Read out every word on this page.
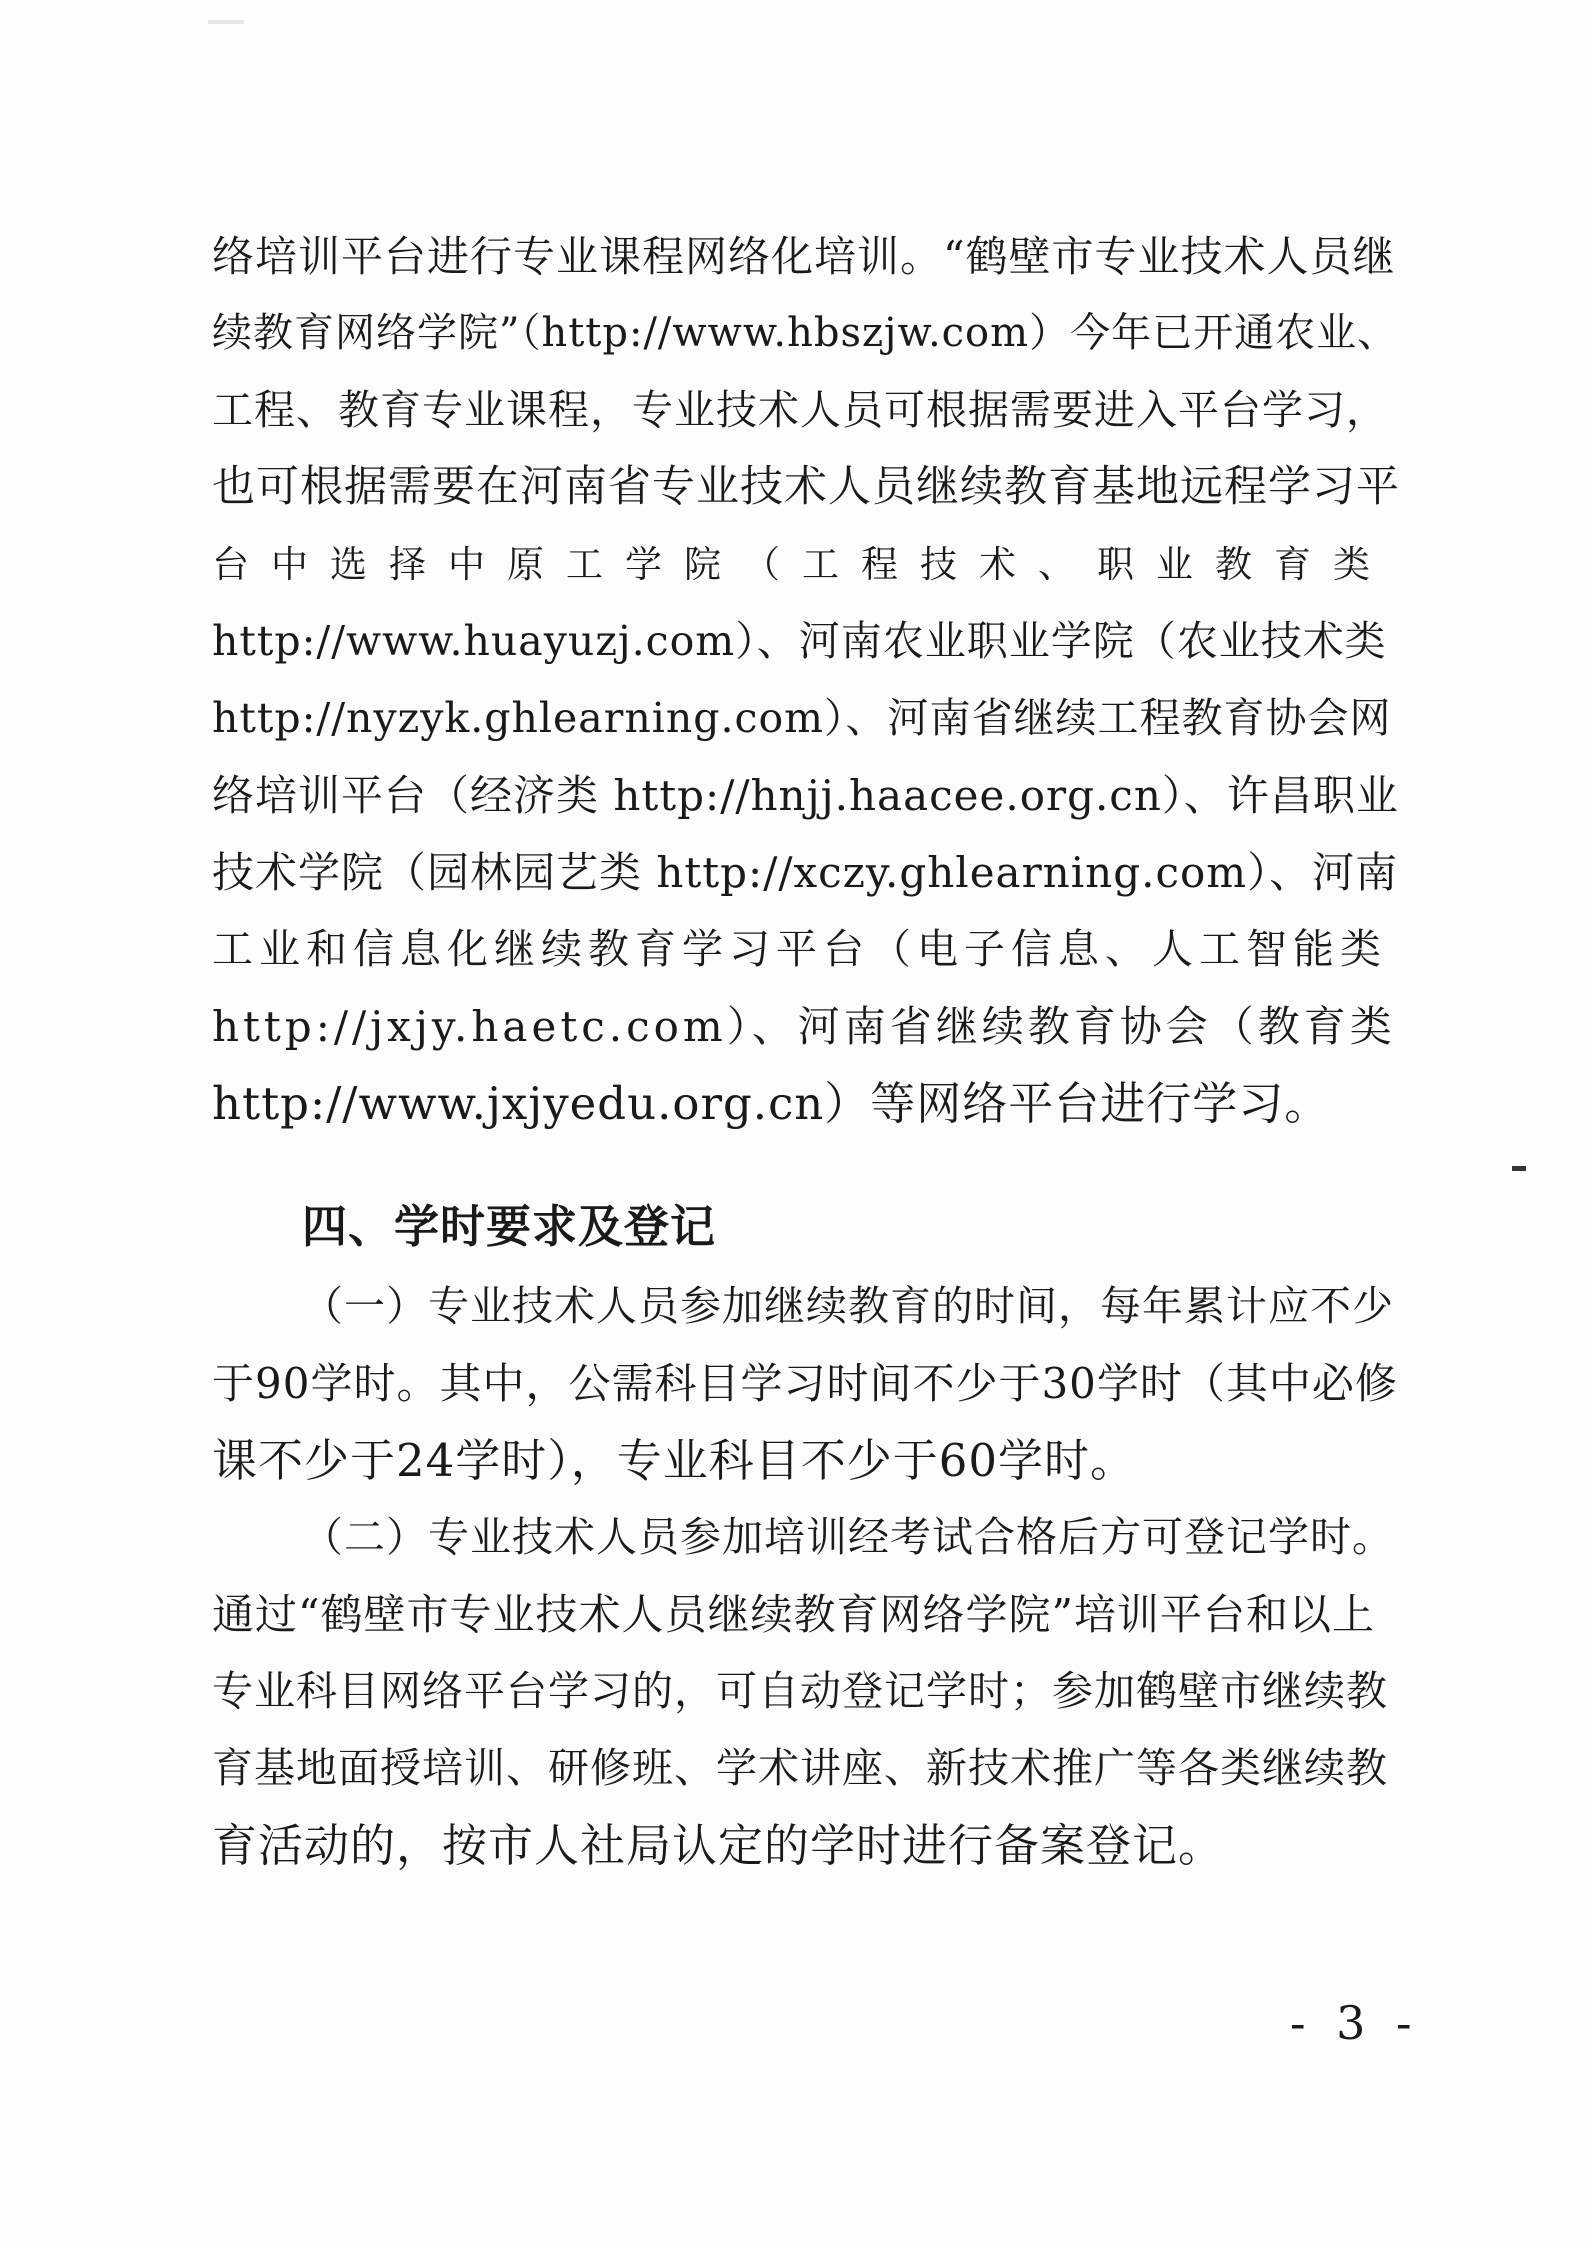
络培训平台进行专业课程网络化培训。“鹤壁市专业技术人员继
续教育网络学院”（http://www.hbszjw.com）今年已开通农业、
工程、教育专业课程，专业技术人员可根据需要进入平台学习，
也可根据需要在河南省专业技术人员继续教育基地远程学习平
台中选择中原工学院（工程技术、职业教育类
http://www.huayuzj.com）、河南农业职业学院（农业技术类
http://nyzyk.ghlearning.com）、河南省继续工程教育协会网
络培训平台（经济类 http://hnjj.haacee.org.cn）、许昌职业
技术学院（园林园艺类 http://xczy.ghlearning.com）、河南
工业和信息化继续教育学习平台（电子信息、人工智能类
http://jxjy.haetc.com）、河南省继续教育协会（教育类
http://www.jxjyedu.org.cn）等网络平台进行学习。
四、学时要求及登记
（一）专业技术人员参加继续教育的时间，每年累计应不少
于90学时。其中，公需科目学习时间不少于30学时（其中必修
课不少于24学时），专业科目不少于60学时。
（二）专业技术人员参加培训经考试合格后方可登记学时。
通过“鹤壁市专业技术人员继续教育网络学院”培训平台和以上
专业科目网络平台学习的，可自动登记学时；参加鹤壁市继续教
育基地面授培训、研修班、学术讲座、新技术推广等各类继续教
育活动的，按市人社局认定的学时进行备案登记。
- 3 -
